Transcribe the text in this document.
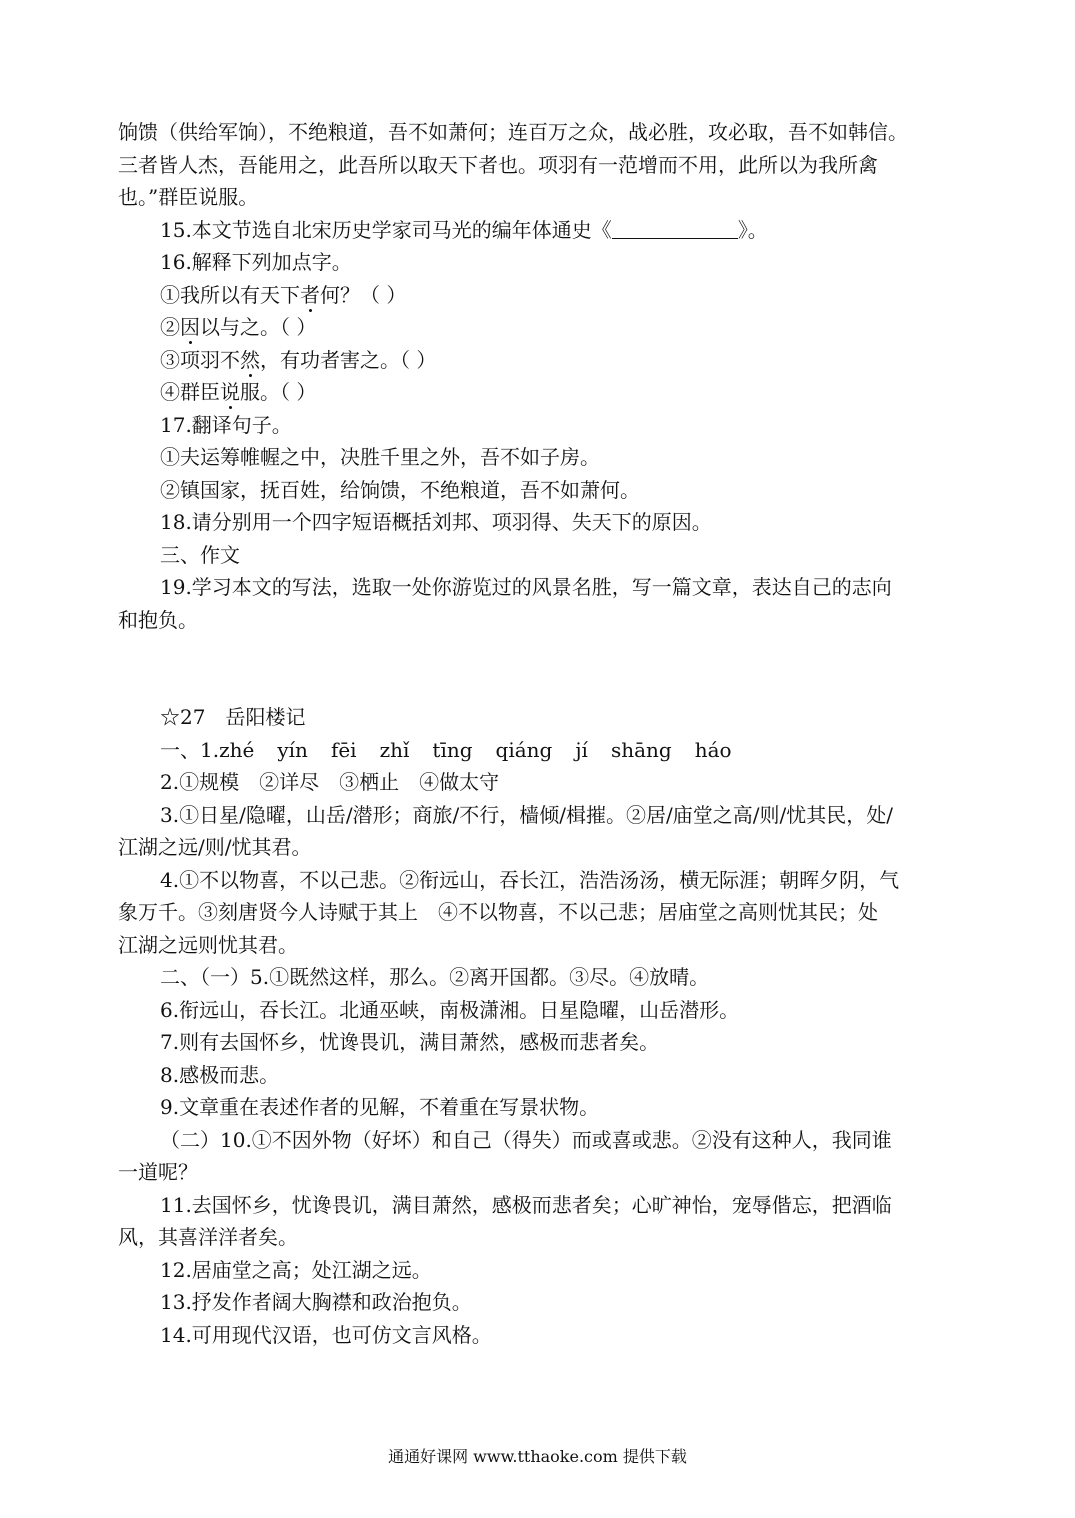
饷馈（供给军饷），不绝粮道，吾不如萧何；连百万之众，战必胜，攻必取，吾不如韩信。
三者皆人杰，吾能用之，此吾所以取天下者也。项羽有一范增而不用，此所以为我所禽
也。”群臣说服。
15.本文节选自北宋历史学家司马光的编年体通史《	》。
16.解释下列加点字。
①我所以有天下者何？（ ）
②因以与之。（ ）
③项羽不然，有功者害之。（ ）
④群臣说服。（ ）
17.翻译句子。
①夫运筹帷幄之中，决胜千里之外，吾不如子房。
②镇国家，抚百姓，给饷馈，不绝粮道，吾不如萧何。
18.请分别用一个四字短语概括刘邦、项羽得、失天下的原因。
三、作文
19.学习本文的写法，选取一处你游览过的风景名胜，写一篇文章，表达自己的志向
和抱负。
☆27　岳阳楼记
一、1.zhé yín fēi zhǐ tīng qiáng jí shāng háo
2.①规模　②详尽　③栖止　④做太守
3.①日星/隐曜，山岳/潜形；商旅/不行，樯倾/楫摧。②居/庙堂之高/则/忧其民，处/
江湖之远/则/忧其君。
4.①不以物喜，不以己悲。②衔远山，吞长江，浩浩汤汤，横无际涯；朝晖夕阴，气
象万千。③刻唐贤今人诗赋于其上　④不以物喜，不以己悲；居庙堂之高则忧其民；处
江湖之远则忧其君。
二、（一）5.①既然这样，那么。②离开国都。③尽。④放晴。
6.衔远山，吞长江。北通巫峡，南极潇湘。日星隐曜，山岳潜形。
7.则有去国怀乡，忧谗畏讥，满目萧然，感极而悲者矣。
8.感极而悲。
9.文章重在表述作者的见解，不着重在写景状物。
（二）10.①不因外物（好坏）和自己（得失）而或喜或悲。②没有这种人，我同谁
一道呢？
11.去国怀乡，忧谗畏讥，满目萧然，感极而悲者矣；心旷神怡，宠辱偕忘，把酒临
风，其喜洋洋者矣。
12.居庙堂之高；处江湖之远。
13.抒发作者阔大胸襟和政治抱负。
14.可用现代汉语，也可仿文言风格。
通通好课网 www.tthaoke.com 提供下载
